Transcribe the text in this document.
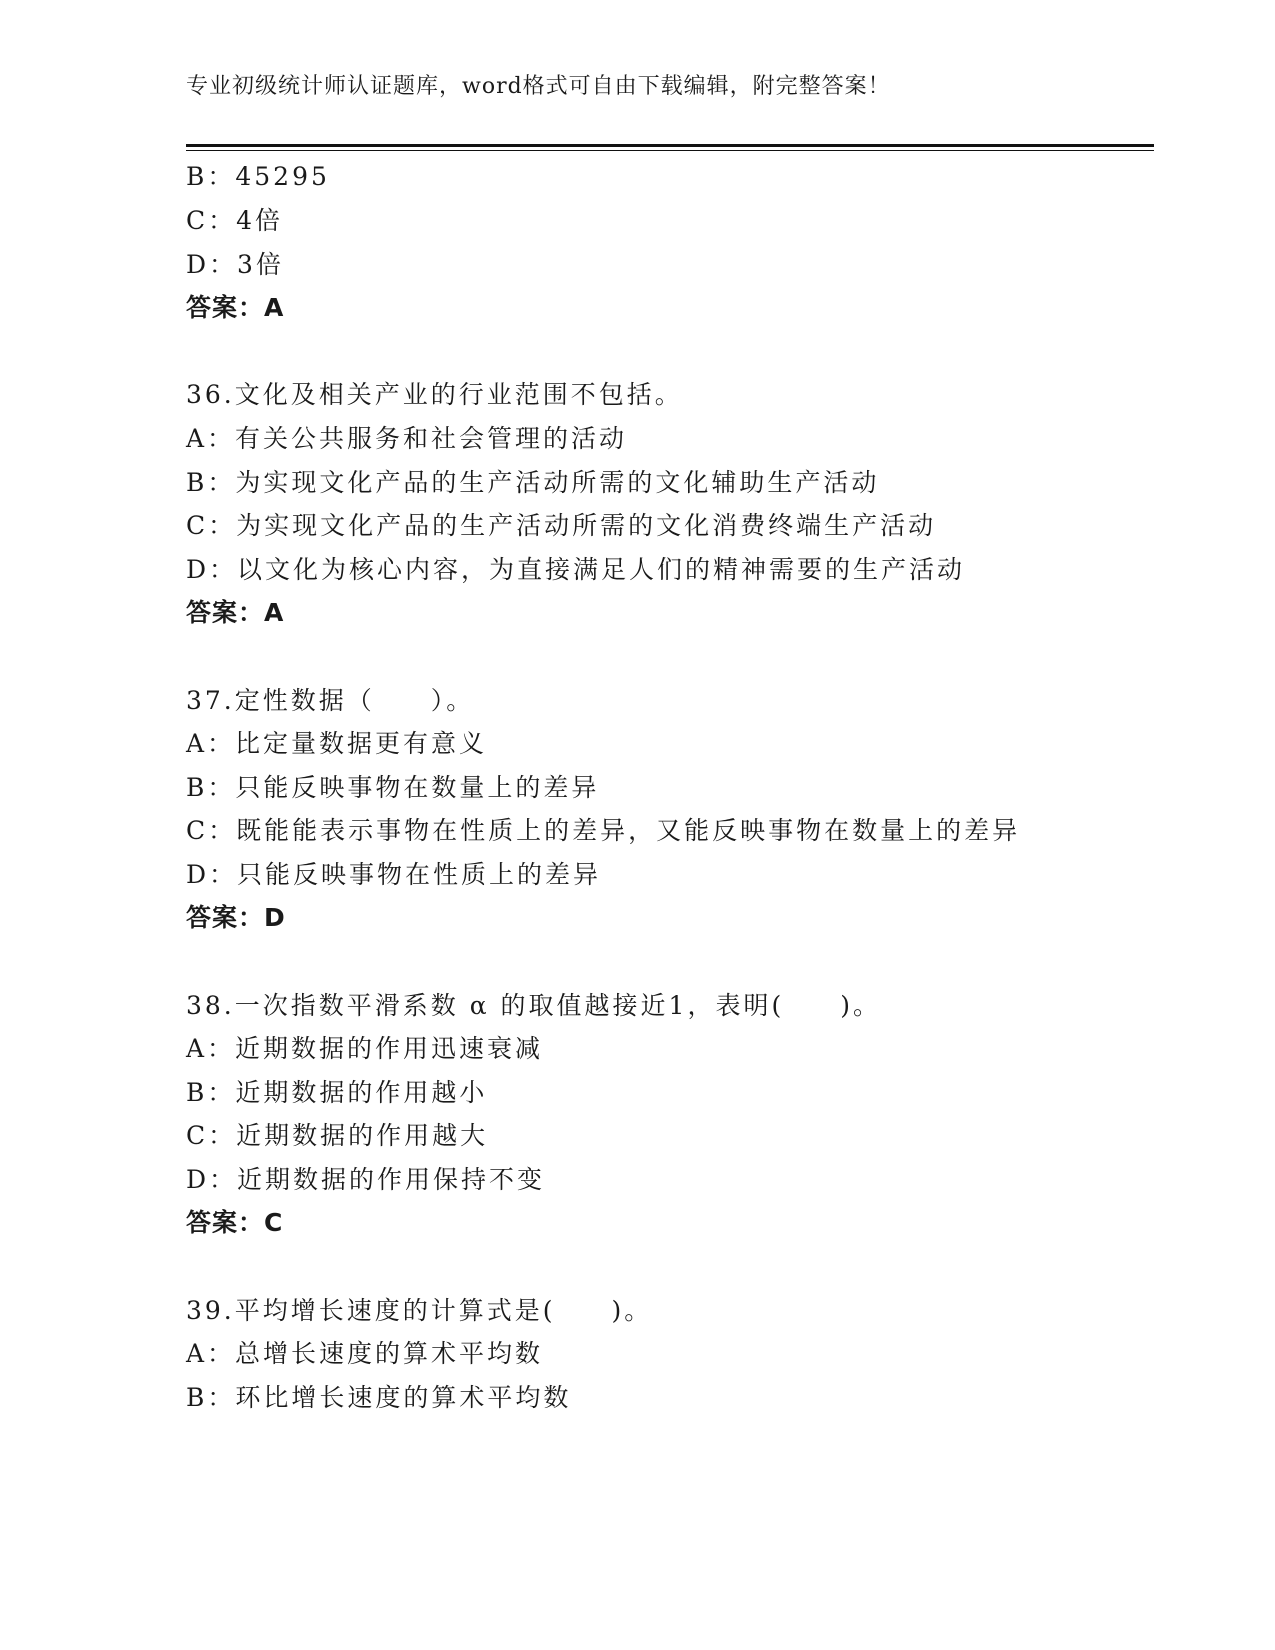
专业初级统计师认证题库，word格式可自由下载编辑，附完整答案！
B：45295
C：4倍
D：3倍
答案：A
36.文化及相关产业的行业范围不包括。
A：有关公共服务和社会管理的活动
B：为实现文化产品的生产活动所需的文化辅助生产活动
C：为实现文化产品的生产活动所需的文化消费终端生产活动
D：以文化为核心内容，为直接满足人们的精神需要的生产活动
答案：A
37.定性数据（　　）。
A：比定量数据更有意义
B：只能反映事物在数量上的差异
C：既能能表示事物在性质上的差异，又能反映事物在数量上的差异
D：只能反映事物在性质上的差异
答案：D
38.一次指数平滑系数 α 的取值越接近1，表明(　　)。
A：近期数据的作用迅速衰减
B：近期数据的作用越小
C：近期数据的作用越大
D：近期数据的作用保持不变
答案：C
39.平均增长速度的计算式是(　　)。
A：总增长速度的算术平均数
B：环比增长速度的算术平均数
